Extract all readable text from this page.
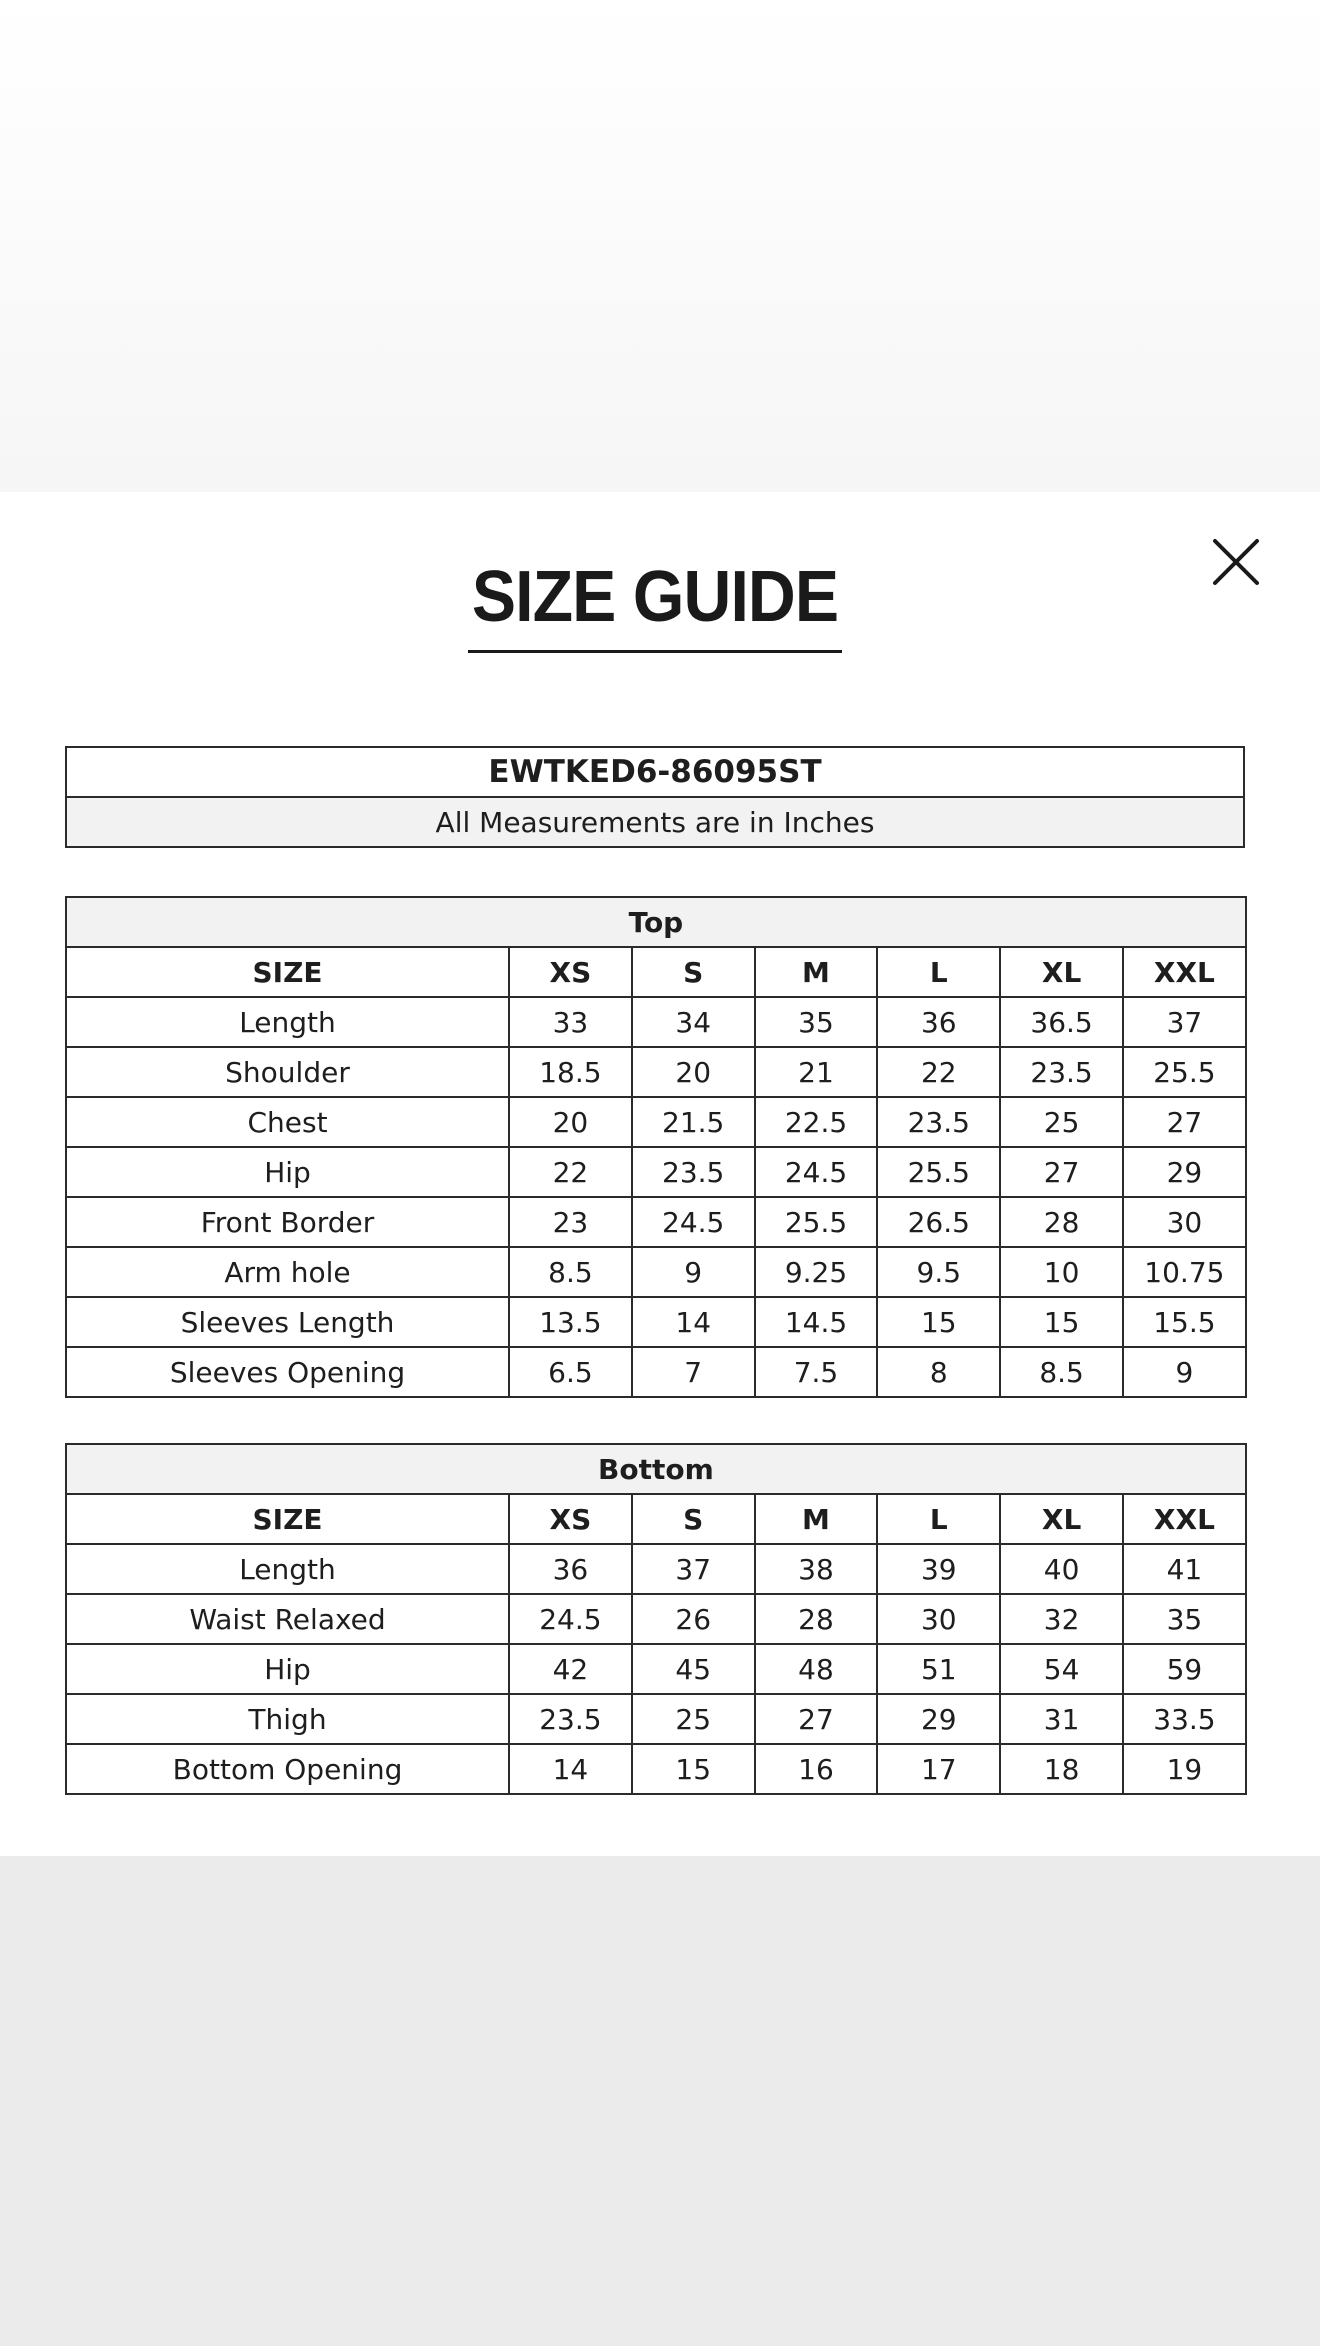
SIZE GUIDE
EWTKED6-86095ST
All Measurements are in Inches
Top						
SIZE	XS	S	M	L	XL	XXL
Length	33	34	35	36	36.5	37
Shoulder	18.5	20	21	22	23.5	25.5
Chest	20	21.5	22.5	23.5	25	27
Hip	22	23.5	24.5	25.5	27	29
Front Border	23	24.5	25.5	26.5	28	30
Arm hole	8.5	9	9.25	9.5	10	10.75
Sleeves Length	13.5	14	14.5	15	15	15.5
Sleeves Opening	6.5	7	7.5	8	8.5	9
Bottom						
SIZE	XS	S	M	L	XL	XXL
Length	36	37	38	39	40	41
Waist Relaxed	24.5	26	28	30	32	35
Hip	42	45	48	51	54	59
Thigh	23.5	25	27	29	31	33.5
Bottom Opening	14	15	16	17	18	19
